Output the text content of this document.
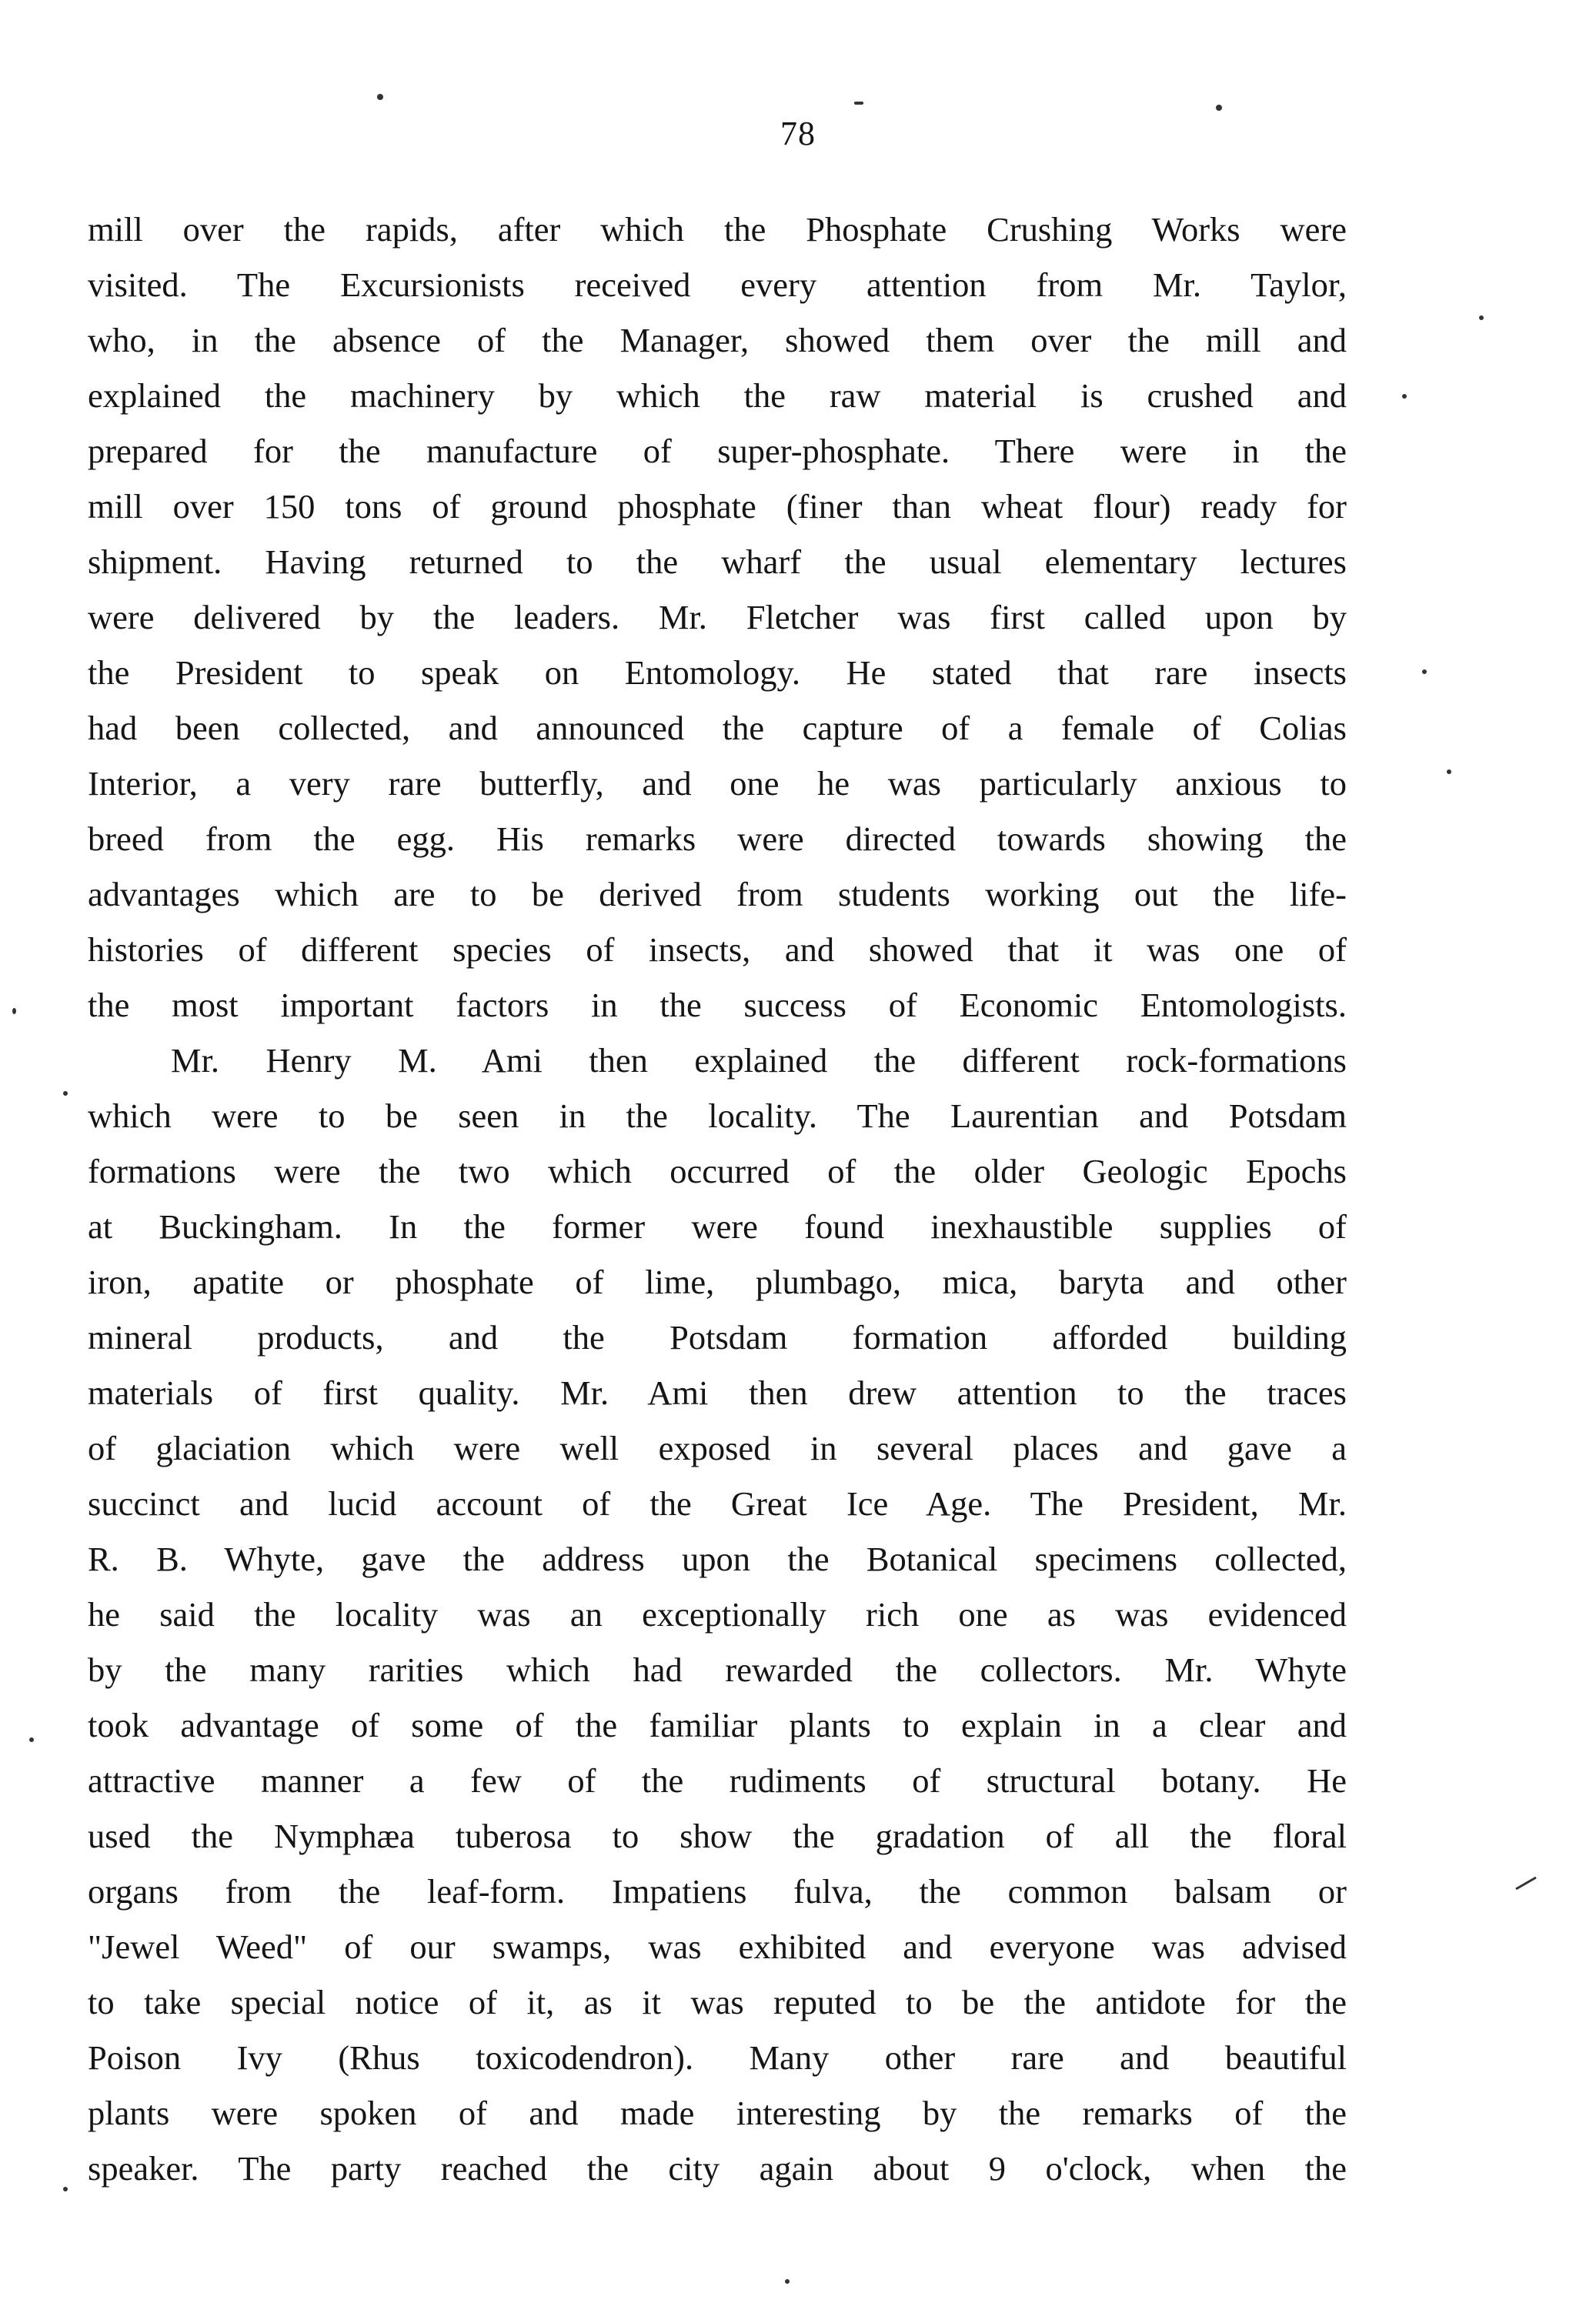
78
mill over the rapids, after which the Phosphate Crushing Works were
visited. The Excursionists received every attention from Mr. Taylor,
who, in the absence of the Manager, showed them over the mill and
explained the machinery by which the raw material is crushed and
prepared for the manufacture of super-phosphate. There were in the
mill over 150 tons of ground phosphate (finer than wheat flour) ready for
shipment. Having returned to the wharf the usual elementary lectures
were delivered by the leaders. Mr. Fletcher was first called upon by
the President to speak on Entomology. He stated that rare insects
had been collected, and announced the capture of a female of Colias
Interior, a very rare butterfly, and one he was particularly anxious to
breed from the egg. His remarks were directed towards showing the
advantages which are to be derived from students working out the life-
histories of different species of insects, and showed that it was one of
the most important factors in the success of Economic Entomologists.
Mr. Henry M. Ami then explained the different rock-formations
which were to be seen in the locality. The Laurentian and Potsdam
formations were the two which occurred of the older Geologic Epochs
at Buckingham. In the former were found inexhaustible supplies of
iron, apatite or phosphate of lime, plumbago, mica, baryta and other
mineral products, and the Potsdam formation afforded building
materials of first quality. Mr. Ami then drew attention to the traces
of glaciation which were well exposed in several places and gave a
succinct and lucid account of the Great Ice Age. The President, Mr.
R. B. Whyte, gave the address upon the Botanical specimens collected,
he said the locality was an exceptionally rich one as was evidenced
by the many rarities which had rewarded the collectors. Mr. Whyte
took advantage of some of the familiar plants to explain in a clear and
attractive manner a few of the rudiments of structural botany. He
used the Nymphæa tuberosa to show the gradation of all the floral
organs from the leaf-form. Impatiens fulva, the common balsam or
"Jewel Weed" of our swamps, was exhibited and everyone was advised
to take special notice of it, as it was reputed to be the antidote for the
Poison Ivy (Rhus toxicodendron). Many other rare and beautiful
plants were spoken of and made interesting by the remarks of the
speaker. The party reached the city again about 9 o'clock, when the
